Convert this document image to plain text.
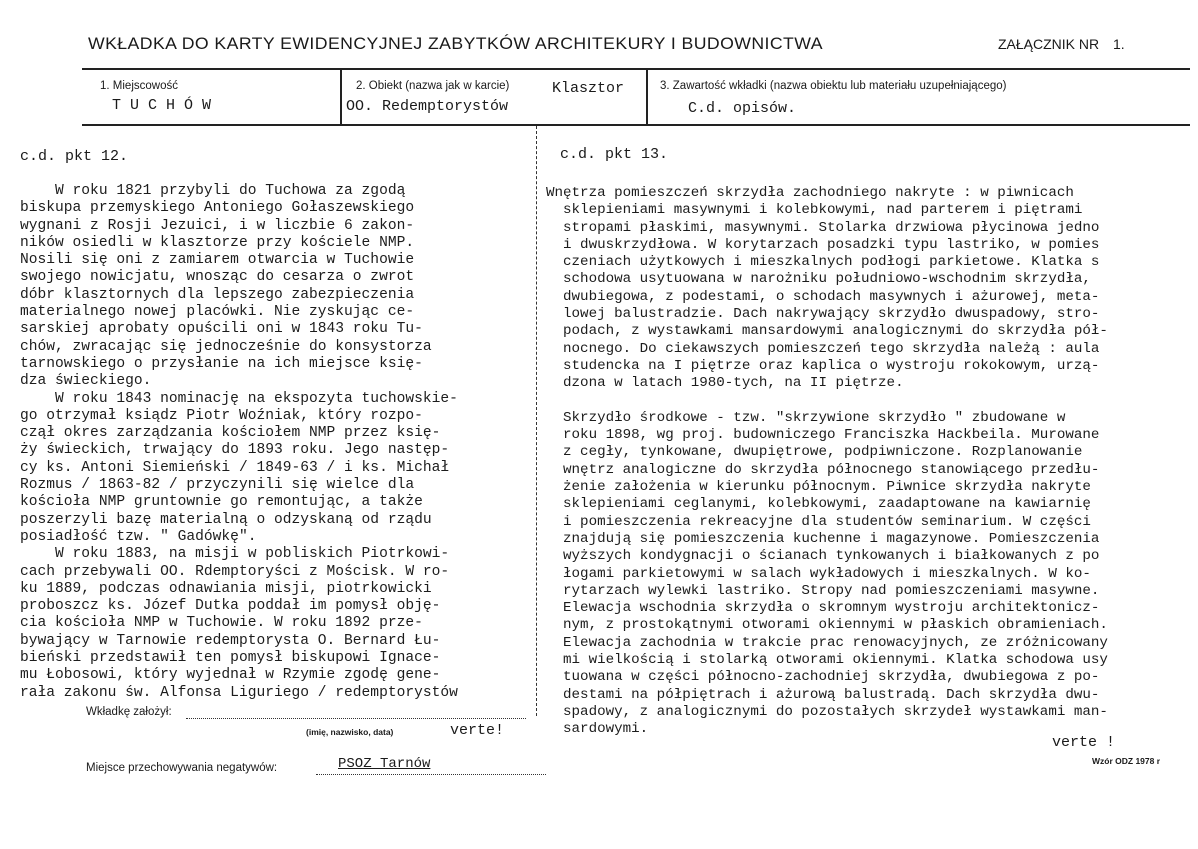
WKŁADKA DO KARTY EWIDENCYJNEJ ZABYTKÓW ARCHITEKURY I BUDOWNICTWA	ZAŁĄCZNIK NR 1.
1. Miejscowość
TUCHÓW
2. Obiekt (nazwa jak w karcie)	Klasztor
OO. Redemptorystów
3. Zawartość wkładki (nazwa obiektu lub materiału uzupełniającego)
C.d. opisów.
c.d. pkt 12.
W roku 1821 przybyli do Tuchowa za zgodą
biskupa przemyskiego Antoniego Gołaszewskiego
wygnani z Rosji Jezuici, i w liczbie 6 zakon-
ników osiedli w klasztorze przy kościele NMP.
Nosili się oni z zamiarem otwarcia w Tuchowie
swojego nowicjatu, wnosząc do cesarza o zwrot
dóbr klasztornych dla lepszego zabezpieczenia
materialnego nowej placówki. Nie zyskując ce-
sarskiej aprobaty opuścili oni w 1843 roku Tu-
chów, zwracając się jednocześnie do konsystorza
tarnowskiego o przysłanie na ich miejsce księ-
dza świeckiego.
W roku 1843 nominację na ekspozyta tuchowskie-
go otrzymał ksiądz Piotr Woźniak, który rozpo-
czął okres zarządzania kościołem NMP przez księ-
ży świeckich, trwający do 1893 roku. Jego następ-
cy ks. Antoni Siemieński / 1849-63 / i ks. Michał
Rozmus / 1863-82 / przyczynili się wielce dla
kościoła NMP gruntownie go remontując, a także
poszerzyli bazę materialną o odzyskaną od rządu
posiadłość tzw. " Gadówkę".
W roku 1883, na misji w pobliskich Piotrkowi-
cach przebywali OO. Rdemptoryści z Mościsk. W ro-
ku 1889, podczas odnawiania misji, piotrkowicki
proboszcz ks. Józef Dutka poddał im pomysł obję-
cia kościoła NMP w Tuchowie. W roku 1892 prze-
bywający w Tarnowie redemptorysta O. Bernard Łu-
bieński przedstawił ten pomysł biskupowi Ignace-
mu Łobosowi, który wyjednał w Rzymie zgodę gene-
rała zakonu św. Alfonsa Liguriego / redemptorystów
c.d. pkt 13.
Wnętrza pomieszczeń skrzydła zachodniego nakryte : w piwnicach
sklepieniami masywnymi i kolebkowymi, nad parterem i piętrami
stropami płaskimi, masywnymi. Stolarka drzwiowa płycinowa jedno
i dwuskrzydłowa. W korytarzach posadzki typu lastriko, w pomies
czeniach użytkowych i mieszkalnych podłogi parkietowe. Klatka s
schodowa usytuowana w narożniku południowo-wschodnim skrzydła,
dwubiegowa, z podestami, o schodach masywnych i ażurowej, meta-
lowej balustradzie. Dach nakrywający skrzydło dwuspadowy, stro-
podach, z wystawkami mansardowymi analogicznymi do skrzydła pół-
nocnego. Do ciekawszych pomieszczeń tego skrzydła należą : aula
studencka na I piętrze oraz kaplica o wystroju rokokowym, urzą-
dzona w latach 1980-tych, na II piętrze.

Skrzydło środkowe - tzw. "skrzywione skrzydło " zbudowane w
roku 1898, wg proj. budowniczego Franciszka Hackbeila. Murowane
z cegły, tynkowane, dwupiętrowe, podpiwniczone. Rozplanowanie
wnętrz analogiczne do skrzydła północnego stanowiącego przedłu-
żenie założenia w kierunku północnym. Piwnice skrzydła nakryte
sklepieniami ceglanymi, kolebkowymi, zaadaptowane na kawiarnię
i pomieszczenia rekreacyjne dla studentów seminarium. W części
znajdują się pomieszczenia kuchenne i magazynowe. Pomieszczenia
wyższych kondygnacji o ścianach tynkowanych i białkowanych z po
łogami parkietowymi w salach wykładowych i mieszkalnych. W ko-
rytarzach wylewki lastriko. Stropy nad pomieszczeniami masywne.
Elewacja wschodnia skrzydła o skromnym wystroju architektonicz-
nym, z prostokątnymi otworami okiennymi w płaskich obramieniach.
Elewacja zachodnia w trakcie prac renowacyjnych, ze zróżnicowany
mi wielkością i stolarką otworami okiennymi. Klatka schodowa usy
tuowana w części północno-zachodniej skrzydła, dwubiegowa z po-
destami na półpiętrach i ażurową balustradą. Dach skrzydła dwu-
spadowy, z analogicznymi do pozostałych skrzydeł wystawkami man-
sardowymi.
verte !
Wzór ODZ 1978 r
Wkładkę założył:
(imię, nazwisko, data)	verte!
Miejsce przechowywania negatywów:	PSOZ Tarnów
